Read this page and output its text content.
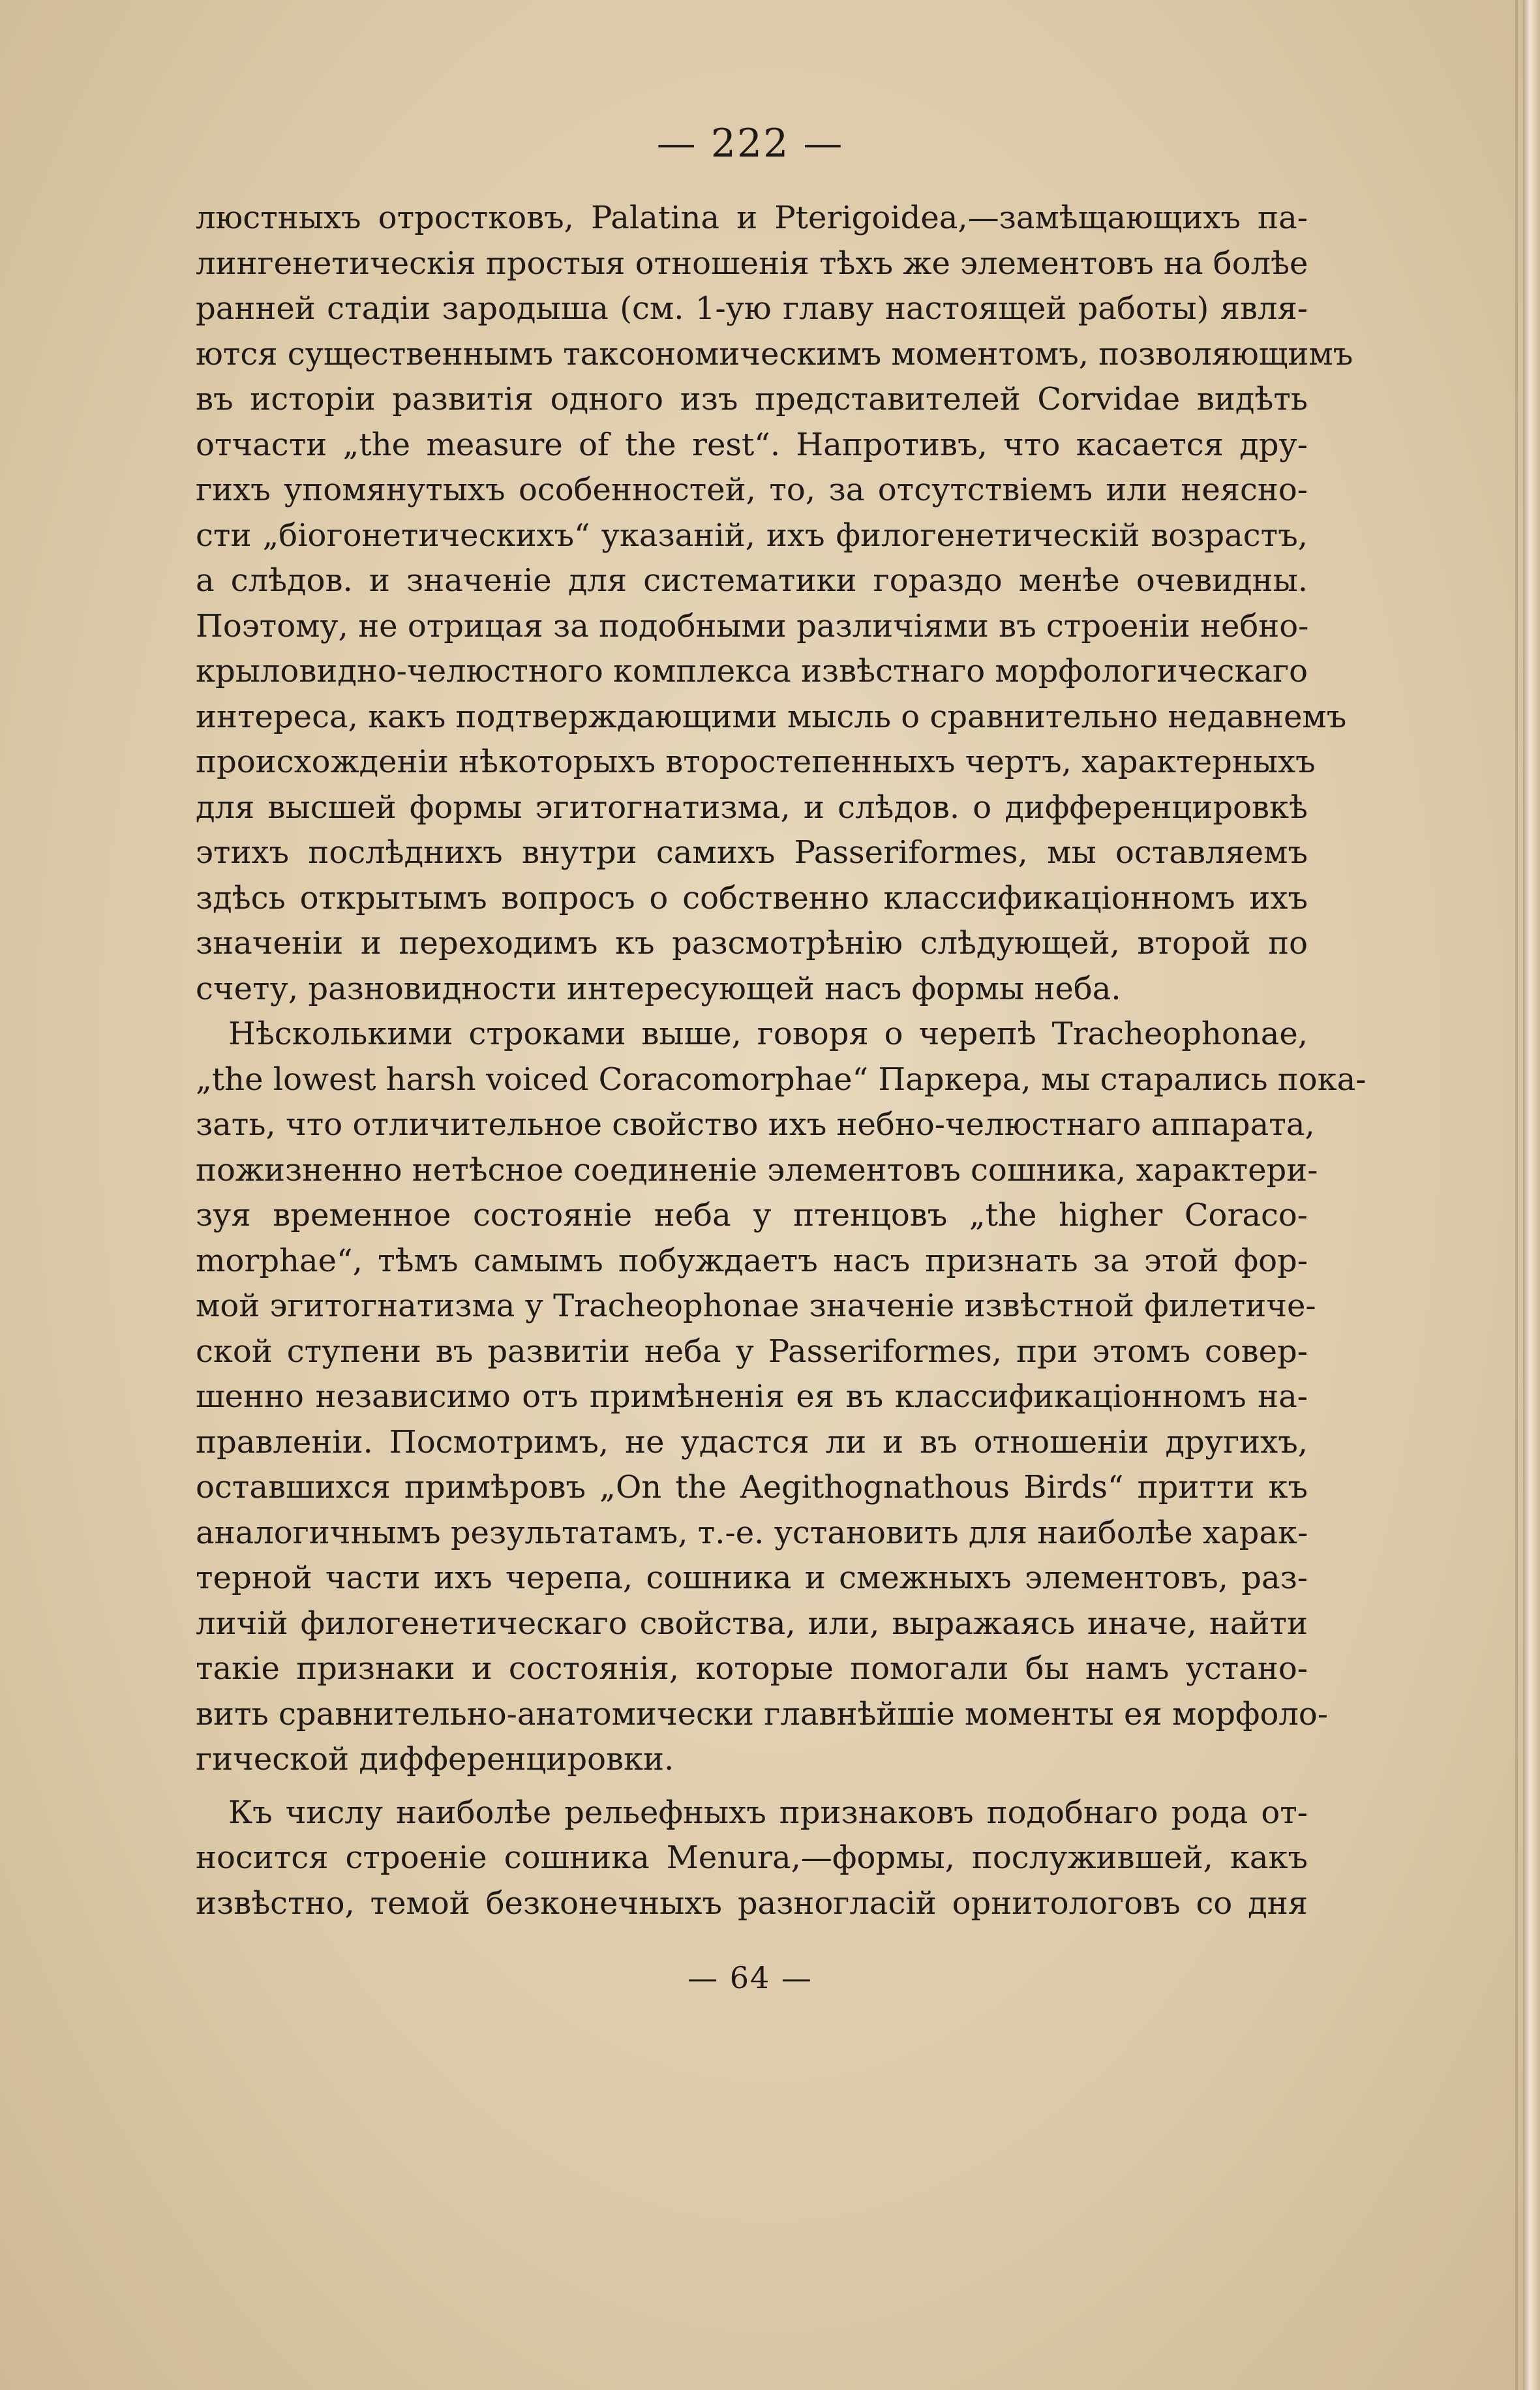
— 222 —
люстныхъ отростковъ, Palatina и Pterigoidea,—замѣщающихъ па-
лингенетическія простыя отношенія тѣхъ же элементовъ на болѣе
ранней стадіи зародыша (см. 1-ую главу настоящей работы) явля-
ются существеннымъ таксономическимъ моментомъ, позволяющимъ
въ исторіи развитія одного изъ представителей Corvidae видѣть
отчасти „the measure of the rest“. Напротивъ, что касается дру-
гихъ упомянутыхъ особенностей, то, за отсутствіемъ или неясно-
сти „біогонетическихъ“ указаній, ихъ филогенетическій возрастъ,
а слѣдов. и значеніе для систематики гораздо менѣе очевидны.
Поэтому, не отрицая за подобными различіями въ строеніи небно-
крыловидно-челюстного комплекса извѣстнаго морфологическаго
интереса, какъ подтверждающими мысль о сравнительно недавнемъ
происхожденіи нѣкоторыхъ второстепенныхъ чертъ, характерныхъ
для высшей формы эгитогнатизма, и слѣдов. о дифференцировкѣ
этихъ послѣднихъ внутри самихъ Passeriformes, мы оставляемъ
здѣсь открытымъ вопросъ о собственно классификаціонномъ ихъ
значеніи и переходимъ къ разсмотрѣнію слѣдующей, второй по
счету, разновидности интересующей насъ формы неба.
Нѣсколькими строками выше, говоря о черепѣ Tracheophonae,
„the lowest harsh voiced Coracomorphae“ Паркера, мы старались пока-
зать, что отличительное свойство ихъ небно-челюстнаго аппарата,
пожизненно нетѣсное соединеніе элементовъ сошника, характери-
зуя временное состояніе неба у птенцовъ „the higher Coraco-
morphae“, тѣмъ самымъ побуждаетъ насъ признать за этой фор-
мой эгитогнатизма у Tracheophonae значеніе извѣстной филетиче-
ской ступени въ развитіи неба у Passeriformes, при этомъ совер-
шенно независимо отъ примѣненія ея въ классификаціонномъ на-
правленіи. Посмотримъ, не удастся ли и въ отношеніи другихъ,
оставшихся примѣровъ „On the Aegithognathous Birds“ притти къ
аналогичнымъ результатамъ, т.-е. установить для наиболѣе харак-
терной части ихъ черепа, сошника и смежныхъ элементовъ, раз-
личій филогенетическаго свойства, или, выражаясь иначе, найти
такіе признаки и состоянія, которые помогали бы намъ устано-
вить сравнительно-анатомически главнѣйшіе моменты ея морфоло-
гической дифференцировки.
Къ числу наиболѣе рельефныхъ признаковъ подобнаго рода от-
носится строеніе сошника Menura,—формы, послужившей, какъ
извѣстно, темой безконечныхъ разногласій орнитологовъ со дня
— 64 —
